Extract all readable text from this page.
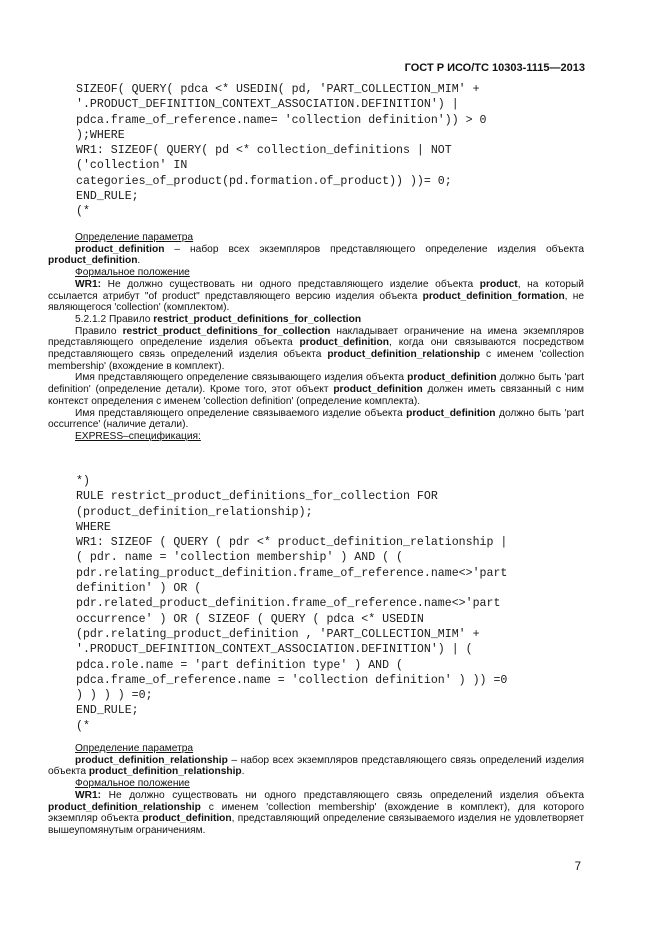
ГОСТ Р ИСО/ТС 10303-1115—2013
SIZEOF( QUERY( pdca <* USEDIN( pd, 'PART_COLLECTION_MIM' +
'.PRODUCT_DEFINITION_CONTEXT_ASSOCIATION.DEFINITION') |
pdca.frame_of_reference.name= 'collection definition')) > 0
);WHERE
WR1: SIZEOF( QUERY( pd <* collection_definitions | NOT
('collection' IN
categories_of_product(pd.formation.of_product)) ))= 0;
END_RULE;
(*

Определение параметра

product_definition – набор всех экземпляров представляющего определение изделия объекта product_definition.

Формальное положение

WR1: Не должно существовать ни одного представляющего изделие объекта product, на который ссылается атрибут "of product" представляющего версию изделия объекта product_definition_formation, не являющегося 'collection' (комплектом).

5.2.1.2 Правило restrict_product_definitions_for_collection

Правило restrict_product_definitions_for_collection накладывает ограничение на имена экземпляров представляющего определение изделия объекта product_definition, когда они связываются посредством представляющего связь определений изделия объекта product_definition_relationship с именем 'collection membership' (вхождение в комплект).

Имя представляющего определение связывающего изделия объекта product_definition должно быть 'part definition' (определение детали). Кроме того, этот объект product_definition должен иметь связанный с ним контекст определения с именем 'collection definition' (определение комплекта).

Имя представляющего определение связываемого изделие объекта product_definition должно быть 'part occurrence' (наличие детали).

EXPRESS–спецификация:

*)
RULE restrict_product_definitions_for_collection FOR
(product_definition_relationship);
WHERE
WR1: SIZEOF ( QUERY ( pdr <* product_definition_relationship |
( pdr. name = 'collection membership' ) AND ( (
pdr.relating_product_definition.frame_of_reference.name<>'part
definition' ) OR (
pdr.related_product_definition.frame_of_reference.name<>'part
occurrence' ) OR ( SIZEOF ( QUERY ( pdca <* USEDIN
(pdr.relating_product_definition , 'PART_COLLECTION_MIM' +
'.PRODUCT_DEFINITION_CONTEXT_ASSOCIATION.DEFINITION') | (
pdca.role.name = 'part definition type' ) AND (
pdca.frame_of_reference.name = 'collection definition' ) )) =0
) ) ) ) =0;
END_RULE;
(*

Определение параметра

product_definition_relationship – набор всех экземпляров представляющего связь определений изделия объекта product_definition_relationship.

Формальное положение

WR1: Не должно существовать ни одного представляющего связь определений изделия объекта product_definition_relationship с именем 'collection membership' (вхождение в комплект), для которого экземпляр объекта product_definition, представляющий определение связываемого изделия не удовлетворяет вышеупомянутым ограничениям.

7
